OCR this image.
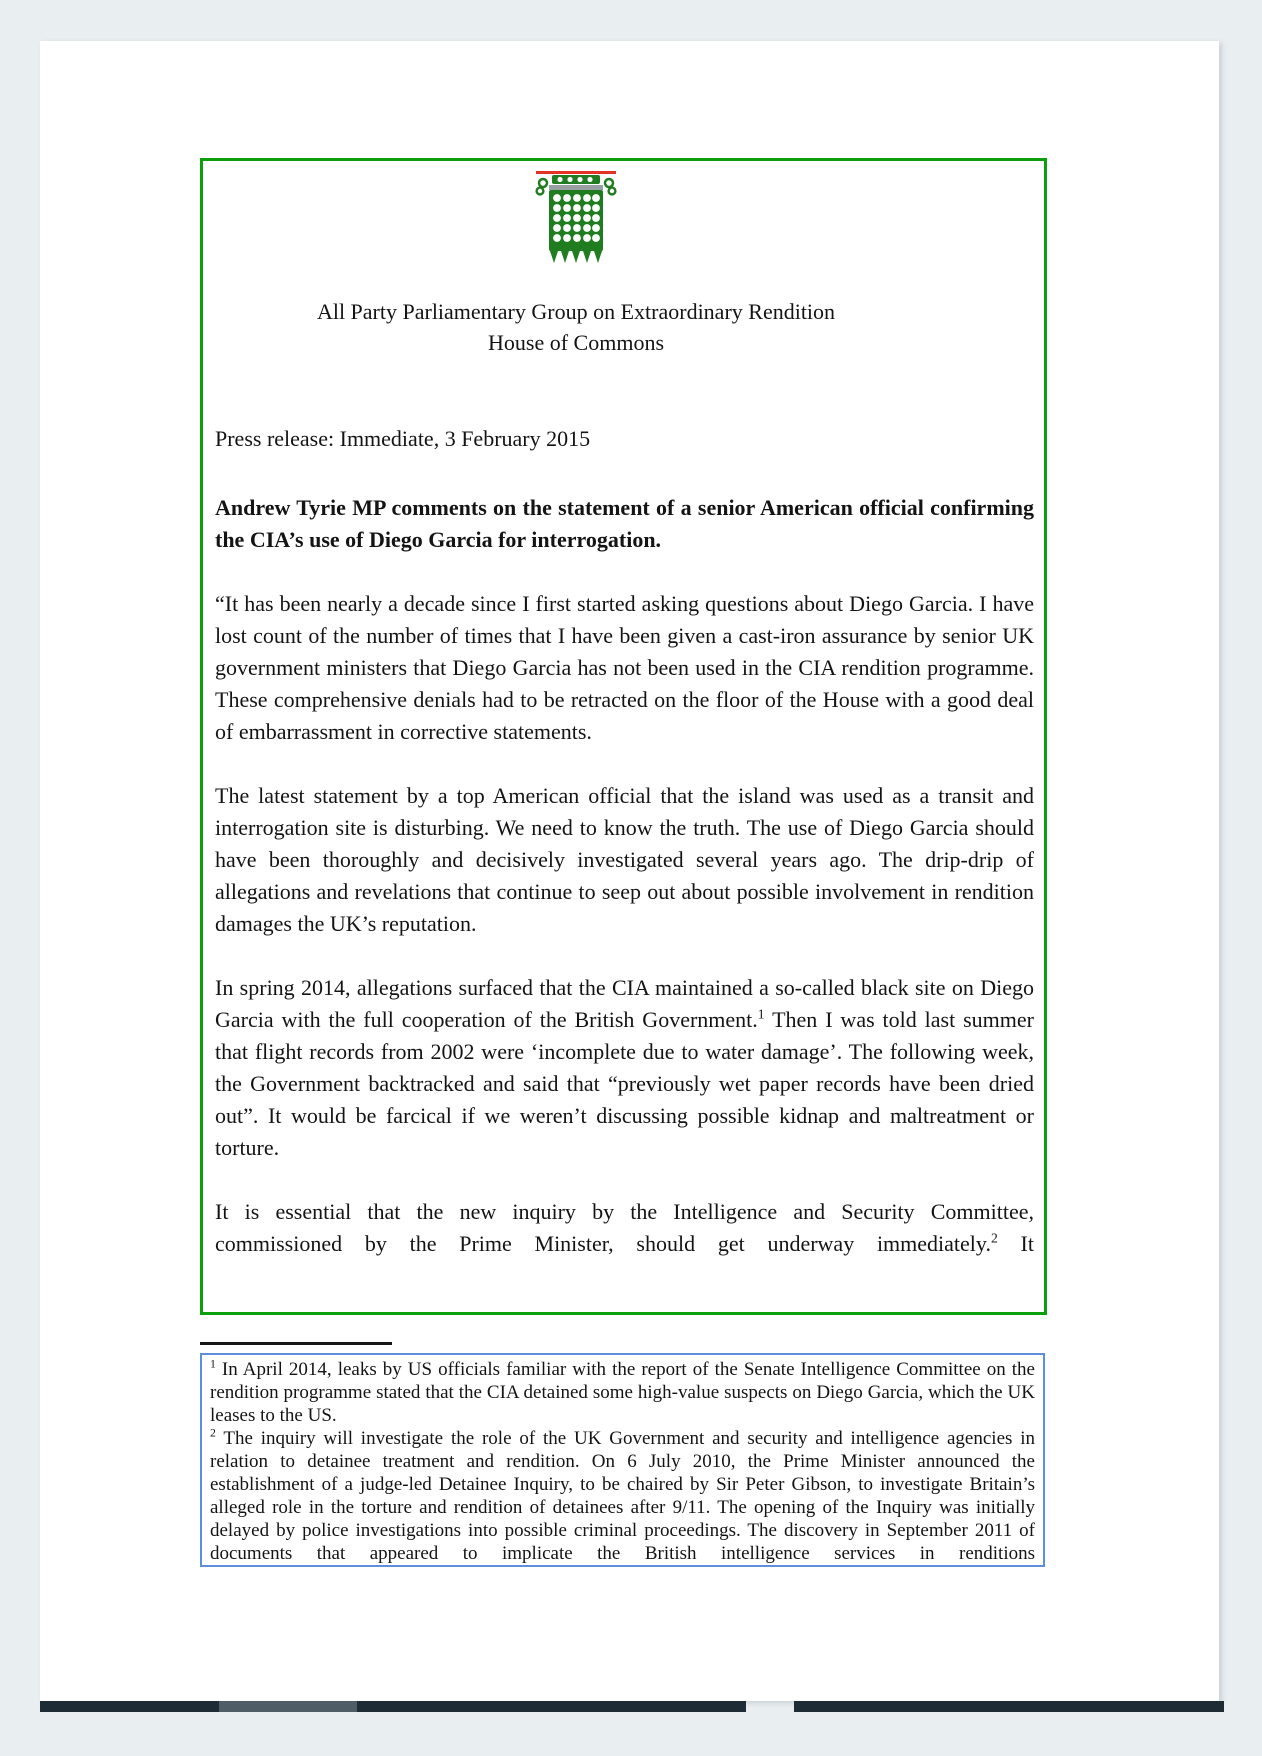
All Party Parliamentary Group on Extraordinary Rendition
House of Commons

Press release: Immediate, 3 February 2015

Andrew Tyrie MP comments on the statement of a senior American official confirming the CIA’s use of Diego Garcia for interrogation.

“It has been nearly a decade since I first started asking questions about Diego Garcia. I have lost count of the number of times that I have been given a cast-iron assurance by senior UK government ministers that Diego Garcia has not been used in the CIA rendition programme. These comprehensive denials had to be retracted on the floor of the House with a good deal of embarrassment in corrective statements.

The latest statement by a top American official that the island was used as a transit and interrogation site is disturbing. We need to know the truth. The use of Diego Garcia should have been thoroughly and decisively investigated several years ago. The drip-drip of allegations and revelations that continue to seep out about possible involvement in rendition damages the UK’s reputation.

In spring 2014, allegations surfaced that the CIA maintained a so-called black site on Diego Garcia with the full cooperation of the British Government.$^1$ Then I was told last summer that flight records from 2002 were ‘incomplete due to water damage’. The following week, the Government backtracked and said that “previously wet paper records have been dried out”. It would be farcical if we weren’t discussing possible kidnap and maltreatment or torture.

It is essential that the new inquiry by the Intelligence and Security Committee, commissioned by the Prime Minister, should get underway immediately.$^2$ It

$^1$ In April 2014, leaks by US officials familiar with the report of the Senate Intelligence Committee on the rendition programme stated that the CIA detained some high-value suspects on Diego Garcia, which the UK leases to the US.

$^2$ The inquiry will investigate the role of the UK Government and security and intelligence agencies in relation to detainee treatment and rendition. On 6 July 2010, the Prime Minister announced the establishment of a judge-led Detainee Inquiry, to be chaired by Sir Peter Gibson, to investigate Britain’s alleged role in the torture and rendition of detainees after 9/11. The opening of the Inquiry was initially delayed by police investigations into possible criminal proceedings. The discovery in September 2011 of documents that appeared to implicate the British intelligence services in renditions
